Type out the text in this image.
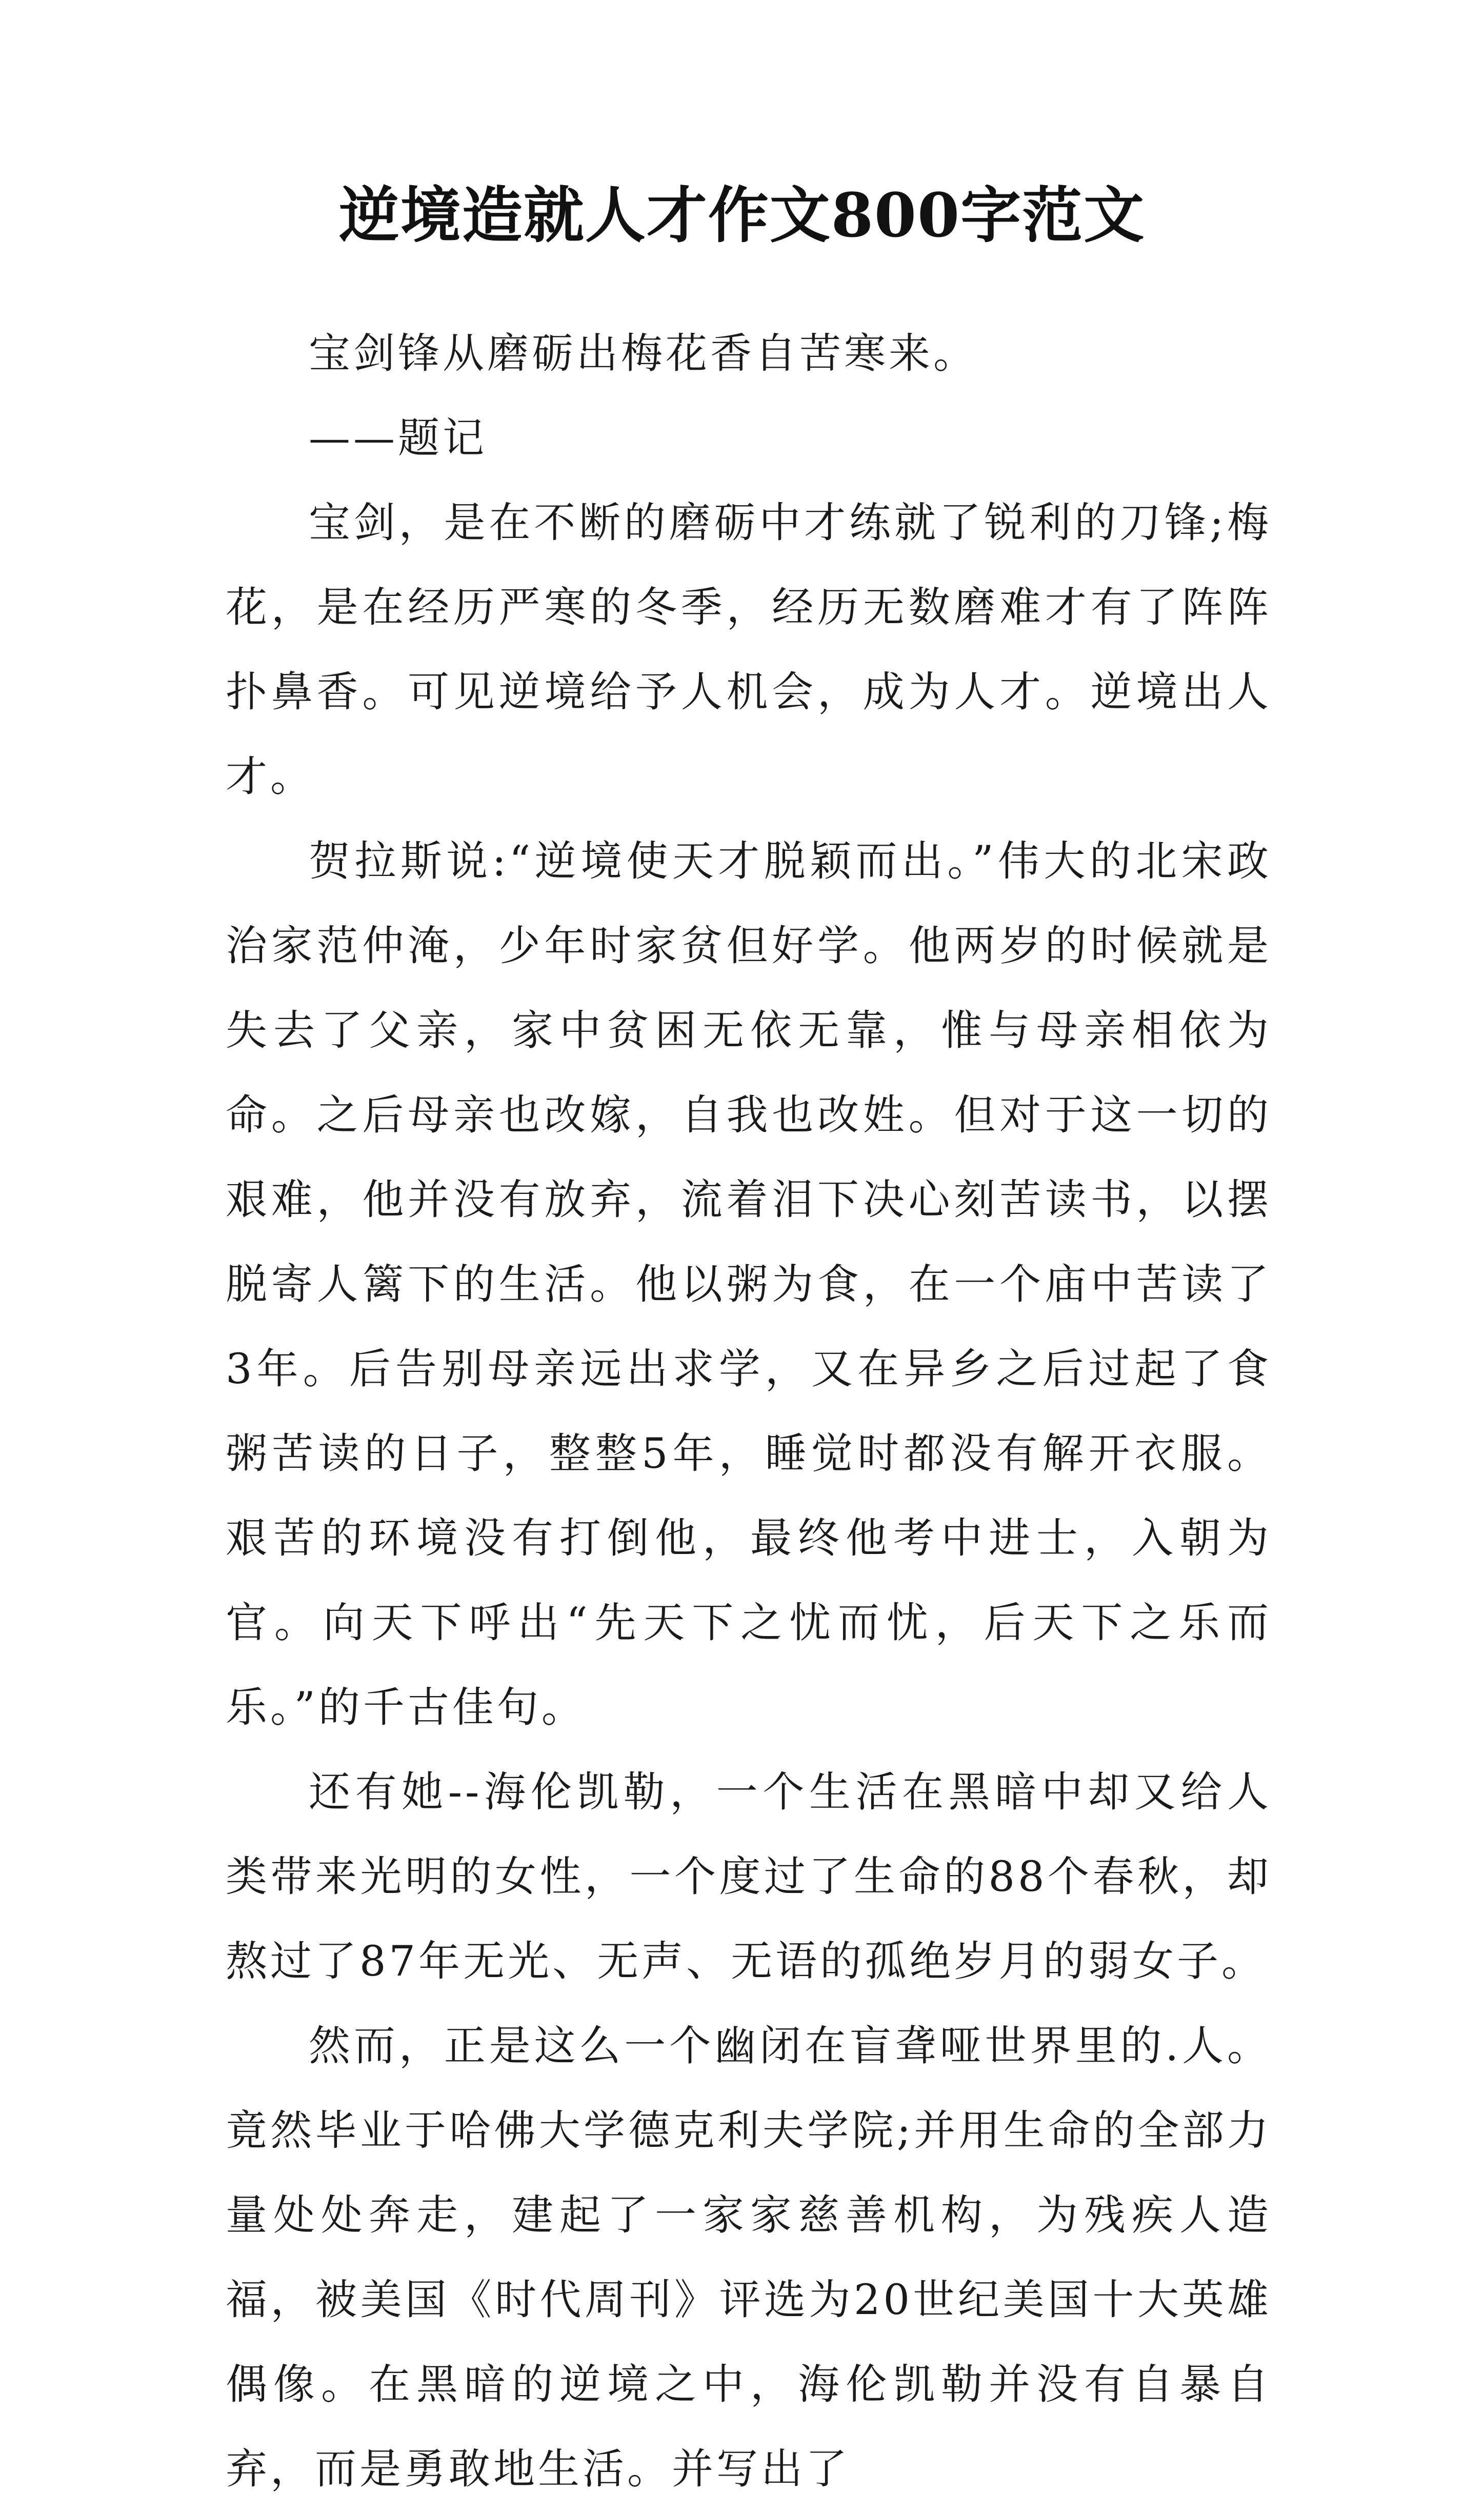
逆境造就人才作文800字范文

宝剑锋从磨砺出梅花香自苦寒来。

——题记

宝剑，是在不断的磨砺中才练就了锐利的刀锋;梅花，是在经历严寒的冬季，经历无数磨难才有了阵阵扑鼻香。可见逆境给予人机会，成为人才。逆境出人才。

贺拉斯说:“逆境使天才脱颖而出。”伟大的北宋政治家范仲淹，少年时家贫但好学。他两岁的时候就是失去了父亲，家中贫困无依无靠，惟与母亲相依为命。之后母亲也改嫁，自我也改姓。但对于这一切的艰难，他并没有放弃，流着泪下决心刻苦读书，以摆脱寄人篱下的生活。他以粥为食，在一个庙中苦读了3年。后告别母亲远出求学，又在异乡之后过起了食粥苦读的日子，整整5年，睡觉时都没有解开衣服。艰苦的环境没有打倒他，最终他考中进士，入朝为官。向天下呼出“先天下之忧而忧，后天下之乐而乐。”的千古佳句。

还有她--海伦凯勒，一个生活在黑暗中却又给人类带来光明的女性，一个度过了生命的88个春秋，却熬过了87年无光、无声、无语的孤绝岁月的弱女子。

然而，正是这么一个幽闭在盲聋哑世界里的.人。竟然毕业于哈佛大学德克利夫学院;并用生命的全部力量处处奔走，建起了一家家慈善机构，为残疾人造福，被美国《时代周刊》评选为20世纪美国十大英雄偶像。在黑暗的逆境之中，海伦凯勒并没有自暴自弃，而是勇敢地生活。并写出了
